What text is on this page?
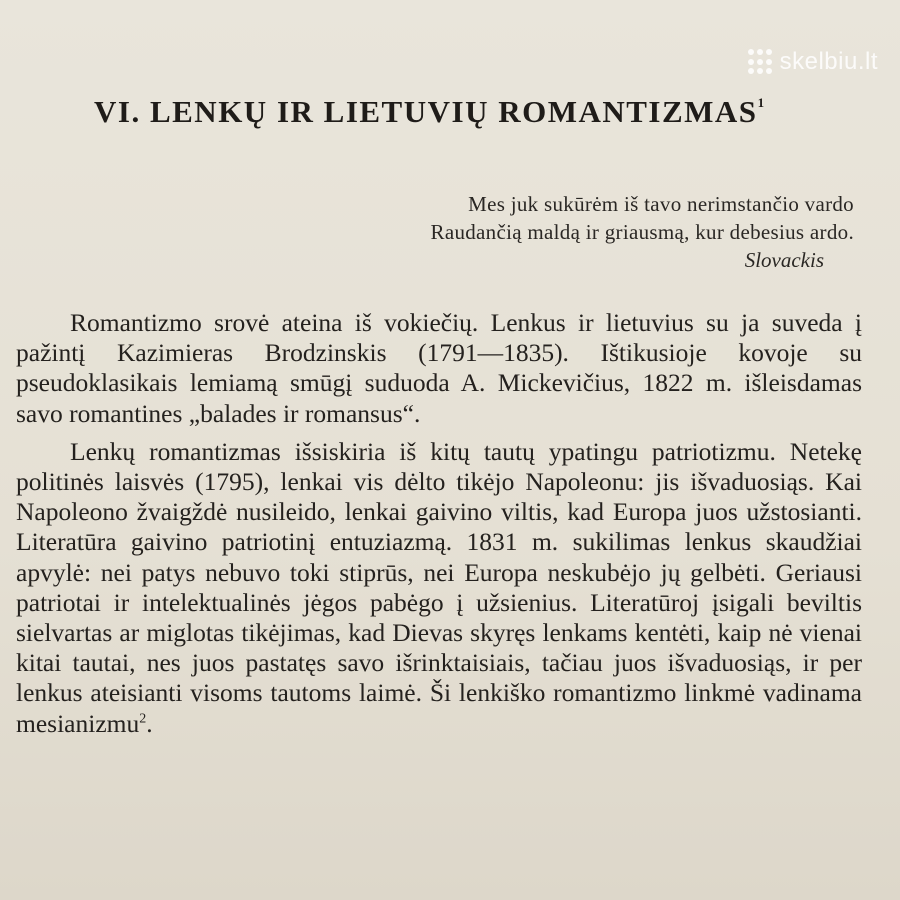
skelbiu.lt
VI. LENKŲ IR LIETUVIŲ ROMANTIZMAS$^1$
Mes juk sukūrėm iš tavo nerimstančio vardo
Raudančią maldą ir griausmą, kur debesius ardo.
Slovackis

Romantizmo srovė ateina iš vokiečių. Lenkus ir lietuvius su ja suveda į pažintį Kazimieras Brodzinskis (1791—1835). Ištikusioje kovoje su pseudoklasikais lemiamą smūgį suduoda A. Mickevičius, 1822 m. išleisdamas savo romantines „balades ir romansus“.

Lenkų romantizmas išsiskiria iš kitų tautų ypatingu patriotizmu. Netekę politinės laisvės (1795), lenkai vis dėlto tikėjo Napoleonu: jis išvaduosiąs. Kai Napoleono žvaigždė nusileido, lenkai gaivino viltis, kad Europa juos užstosianti. Literatūra gaivino patriotinį entuziazmą. 1831 m. sukilimas lenkus skaudžiai apvylė: nei patys nebuvo toki stiprūs, nei Europa neskubėjo jų gelbėti. Geriausi patriotai ir intelektualinės jėgos pabėgo į užsienius. Literatūroj įsigali beviltis sielvartas ar miglotas tikėjimas, kad Dievas skyręs lenkams kentėti, kaip nė vienai kitai tautai, nes juos pastatęs savo išrinktaisiais, tačiau juos išvaduosiąs, ir per lenkus ateisianti visoms tautoms laimė. Ši lenkiško romantizmo linkmė vadinama mesianizmu$^2$.
